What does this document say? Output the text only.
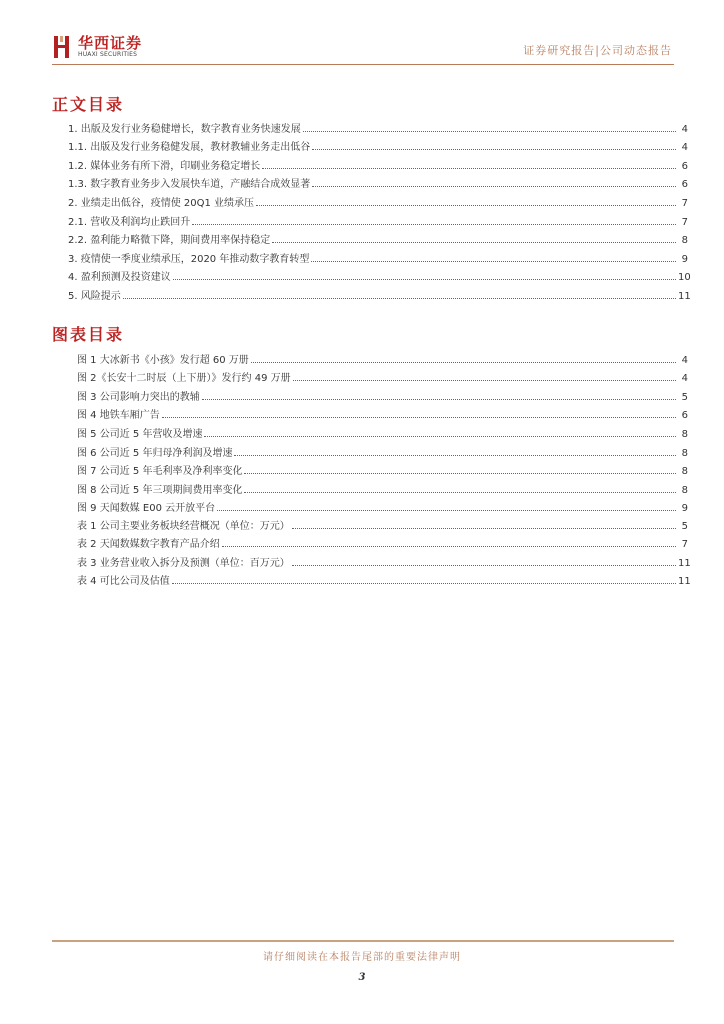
华西证券
HUAXI SECURITIES	证券研究报告|公司动态报告
正文目录
1. 出版及发行业务稳健增长，数字教育业务快速发展	4
1.1. 出版及发行业务稳健发展，教材教辅业务走出低谷	4
1.2. 媒体业务有所下滑，印刷业务稳定增长	6
1.3. 数字教育业务步入发展快车道，产融结合成效显著	6
2. 业绩走出低谷，疫情使 20Q1 业绩承压	7
2.1. 营收及利润均止跌回升	7
2.2. 盈利能力略微下降，期间费用率保持稳定	8
3. 疫情使一季度业绩承压，2020 年推动数字教育转型	9
4. 盈利预测及投资建议	10
5. 风险提示	11
图表目录
图 1 大冰新书《小孩》发行超 60 万册	4
图 2《长安十二时辰（上下册）》发行约 49 万册	4
图 3 公司影响力突出的教辅	5
图 4 地铁车厢广告	6
图 5 公司近 5 年营收及增速	8
图 6 公司近 5 年归母净利润及增速	8
图 7 公司近 5 年毛利率及净利率变化	8
图 8 公司近 5 年三项期间费用率变化	8
图 9 天闻数媒 E00 云开放平台	9
表 1 公司主要业务板块经营概况（单位：万元）	5
表 2 天闻数媒数字教育产品介绍	7
表 3 业务营业收入拆分及预测（单位：百万元）	11
表 4 可比公司及估值	11
请仔细阅读在本报告尾部的重要法律声明
3
